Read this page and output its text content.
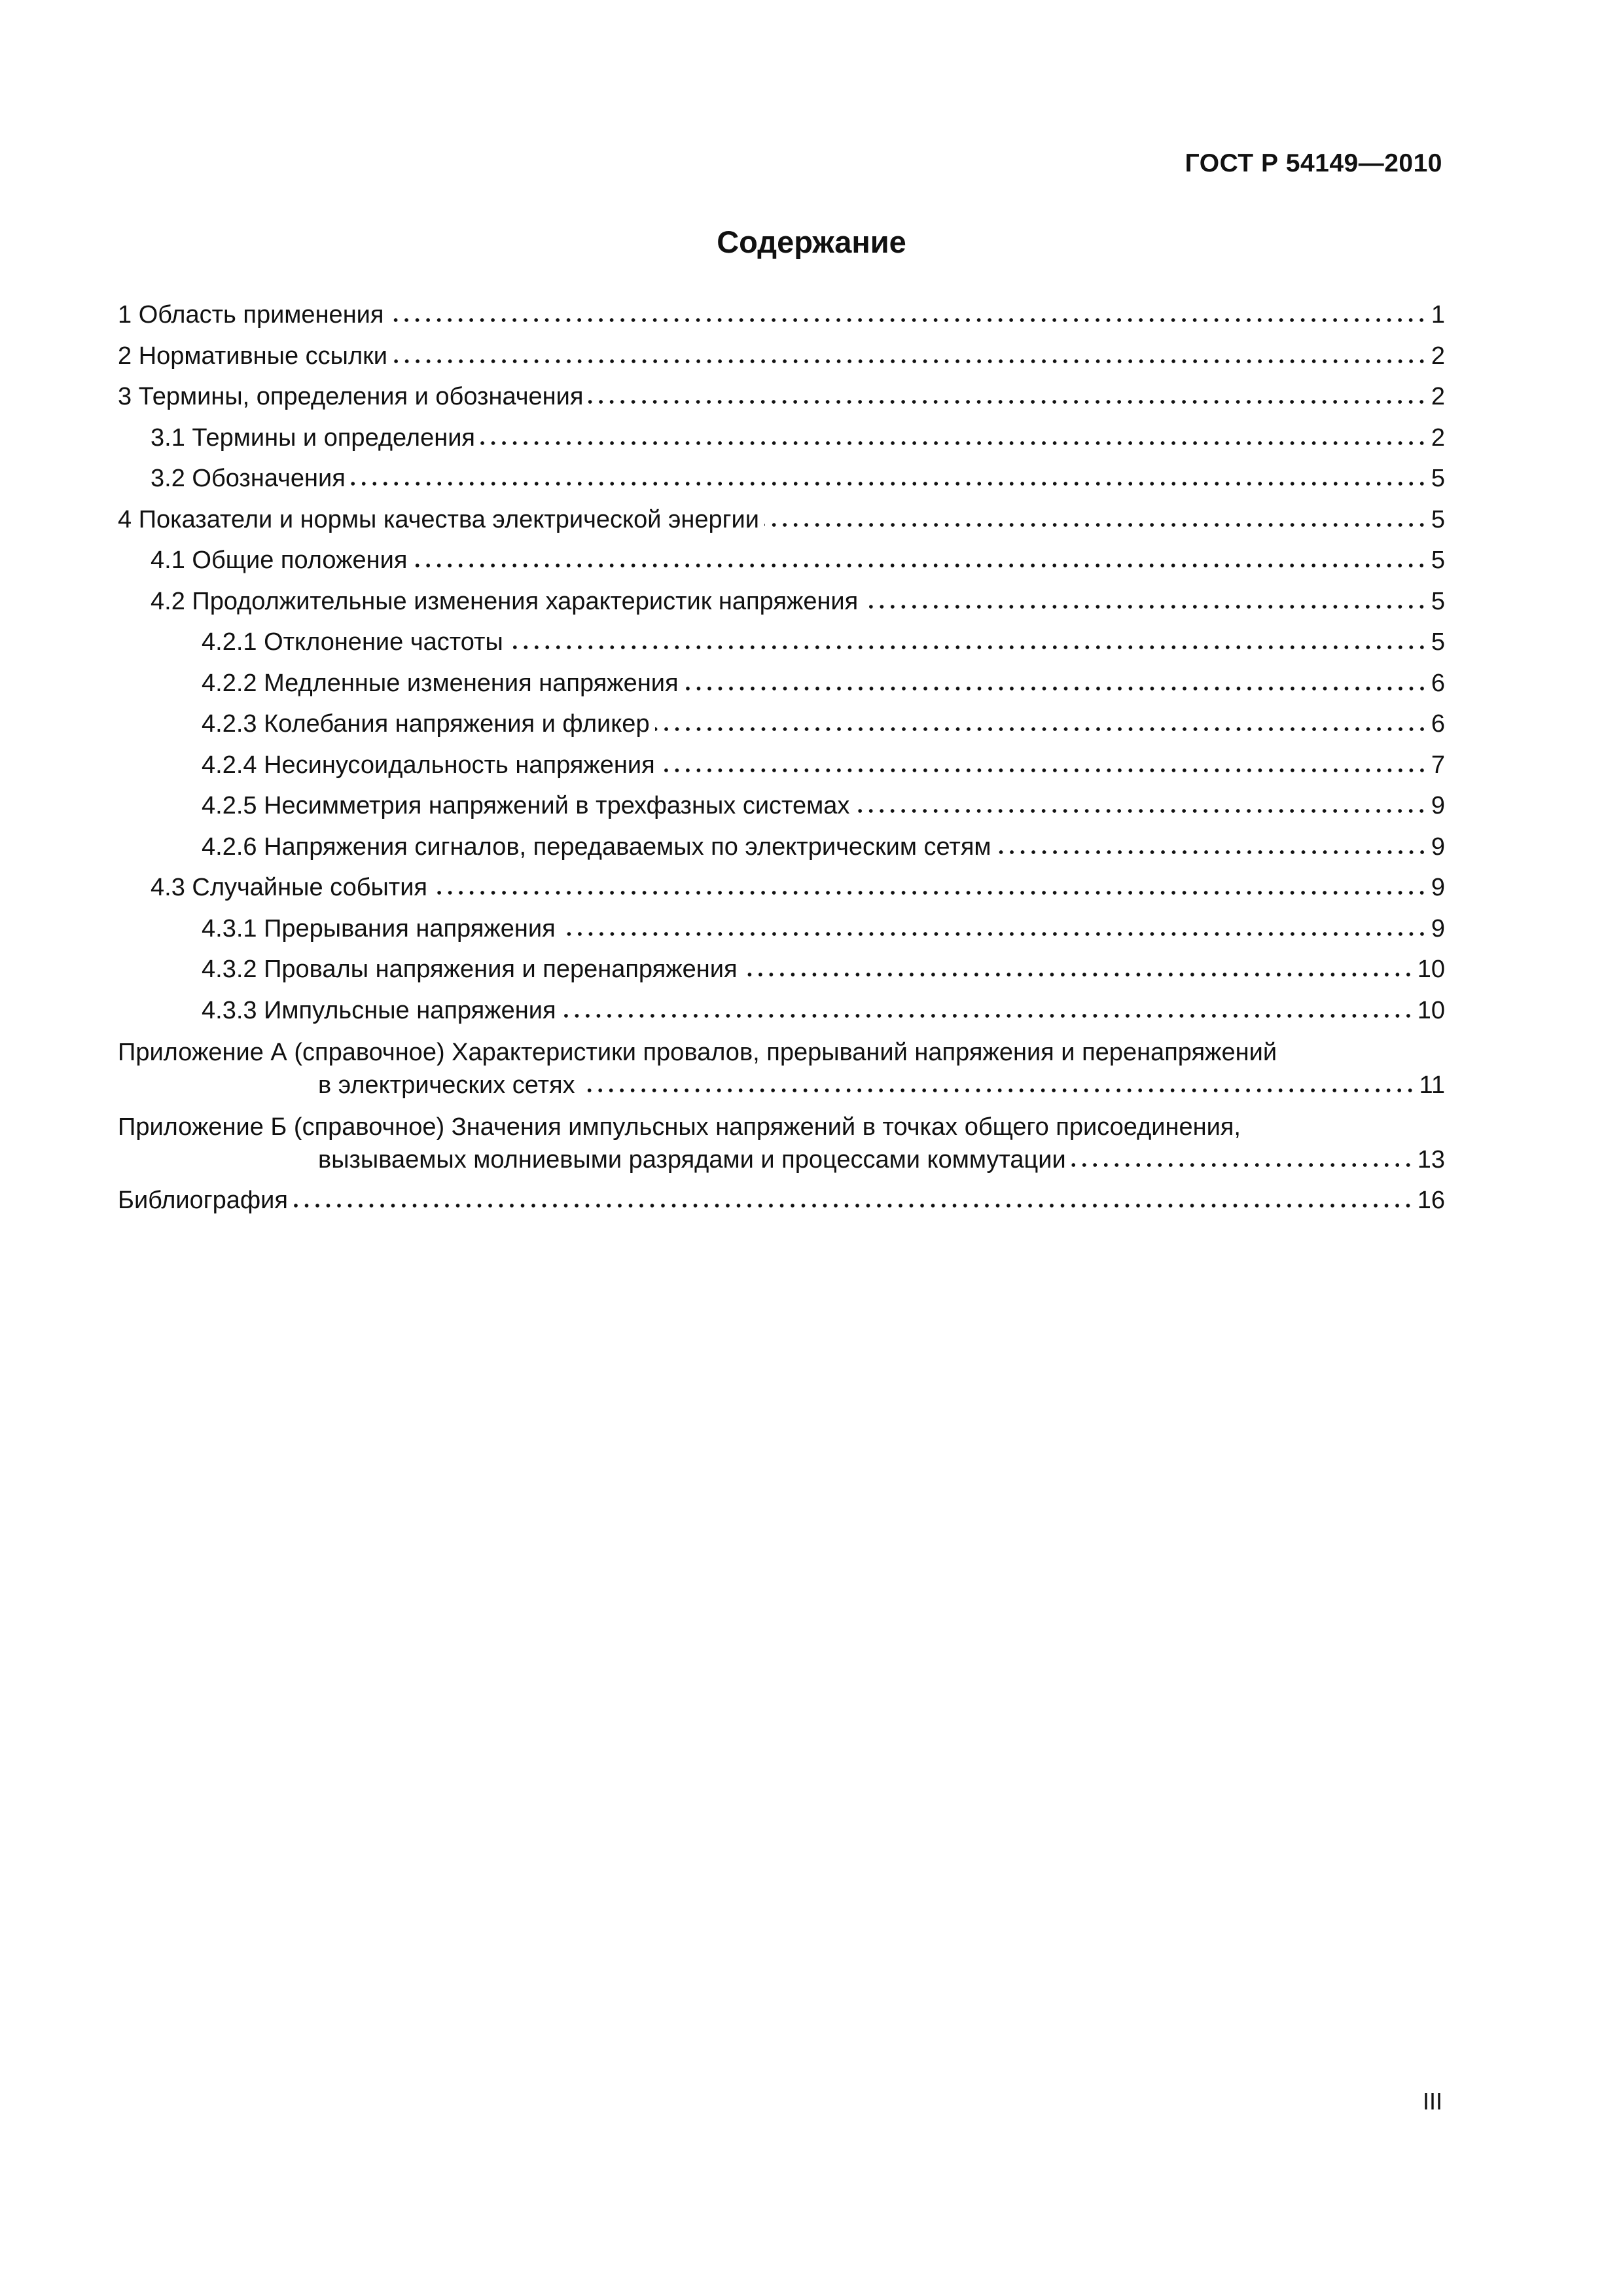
ГОСТ Р 54149—2010
Содержание
1 Область применения	1
2 Нормативные ссылки	2
3 Термины, определения и обозначения	2
3.1 Термины и определения	2
3.2 Обозначения	5
4 Показатели и нормы качества электрической энергии	5
4.1 Общие положения	5
4.2 Продолжительные изменения характеристик напряжения	5
4.2.1 Отклонение частоты	5
4.2.2 Медленные изменения напряжения	6
4.2.3 Колебания напряжения и фликер	6
4.2.4 Несинусоидальность напряжения	7
4.2.5 Несимметрия напряжений в трехфазных системах	9
4.2.6 Напряжения сигналов, передаваемых по электрическим сетям	9
4.3 Случайные события	9
4.3.1 Прерывания напряжения	9
4.3.2 Провалы напряжения и перенапряжения	10
4.3.3 Импульсные напряжения	10
Приложение А (справочное) Характеристики провалов, прерываний напряжения и перенапряжений
в электрических сетях	11
Приложение Б (справочное) Значения импульсных напряжений в точках общего присоединения,
вызываемых молниевыми разрядами и процессами коммутации	13
Библиография	16
III
